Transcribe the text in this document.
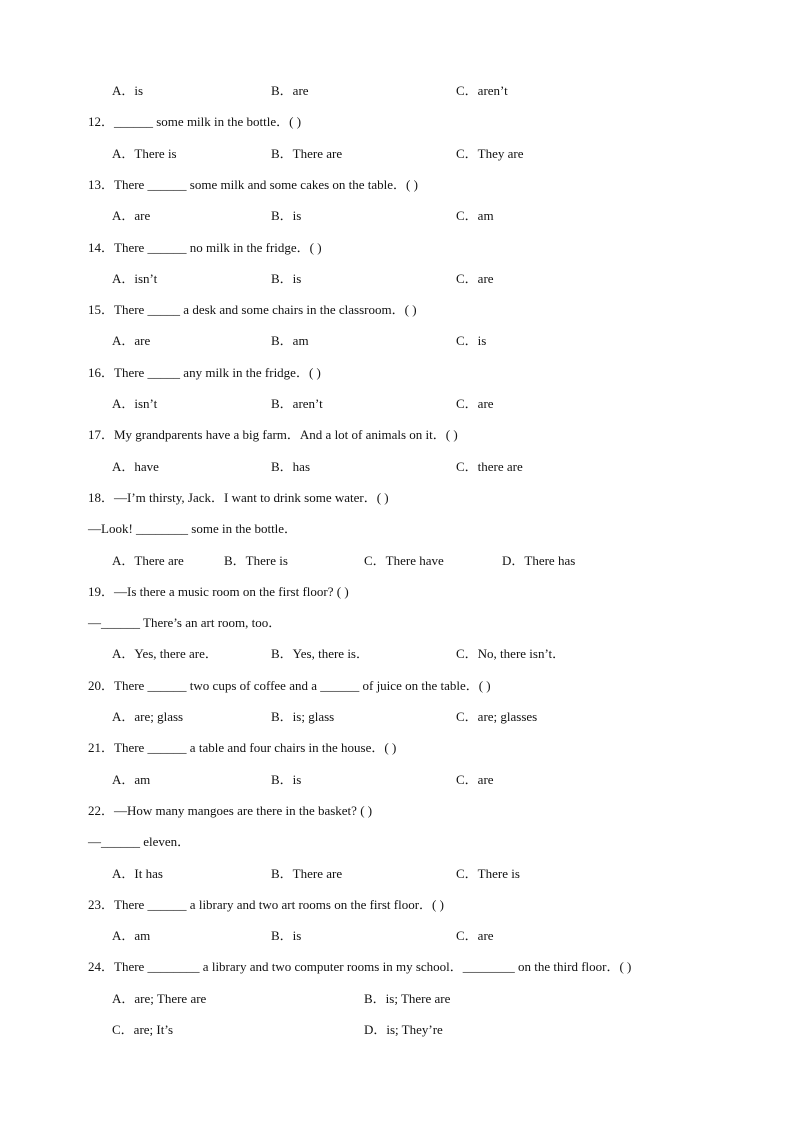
A．is	B．are	C．aren’t
12．______ some milk in the bottle．( )
A．There is	B．There are	C．They are
13．There ______ some milk and some cakes on the table．( )
A．are	B．is	C．am
14．There ______ no milk in the fridge．( )
A．isn’t	B．is	C．are
15．There _____ a desk and some chairs in the classroom．( )
A．are	B．am	C．is
16．There _____ any milk in the fridge．( )
A．isn’t	B．aren’t	C．are
17．My grandparents have a big farm．And a lot of animals on it．( )
A．have	B．has	C．there are
18．—I’m thirsty, Jack．I want to drink some water．( )
—Look! ________ some in the bottle．
A．There are	B．There is	C．There have	D．There has
19．—Is there a music room on the first floor? ( )
—______ There’s an art room, too．
A．Yes, there are．	B．Yes, there is．	C．No, there isn’t．
20．There ______ two cups of coffee and a ______ of juice on the table．( )
A．are; glass	B．is; glass	C．are; glasses
21．There ______ a table and four chairs in the house．( )
A．am	B．is	C．are
22．—How many mangoes are there in the basket? ( )
—______ eleven．
A．It has	B．There are	C．There is
23．There ______ a library and two art rooms on the first floor．( )
A．am	B．is	C．are
24．There ________ a library and two computer rooms in my school．________ on the third floor．( )
A．are; There are	B．is; There are
C．are; It’s	D．is; They’re
